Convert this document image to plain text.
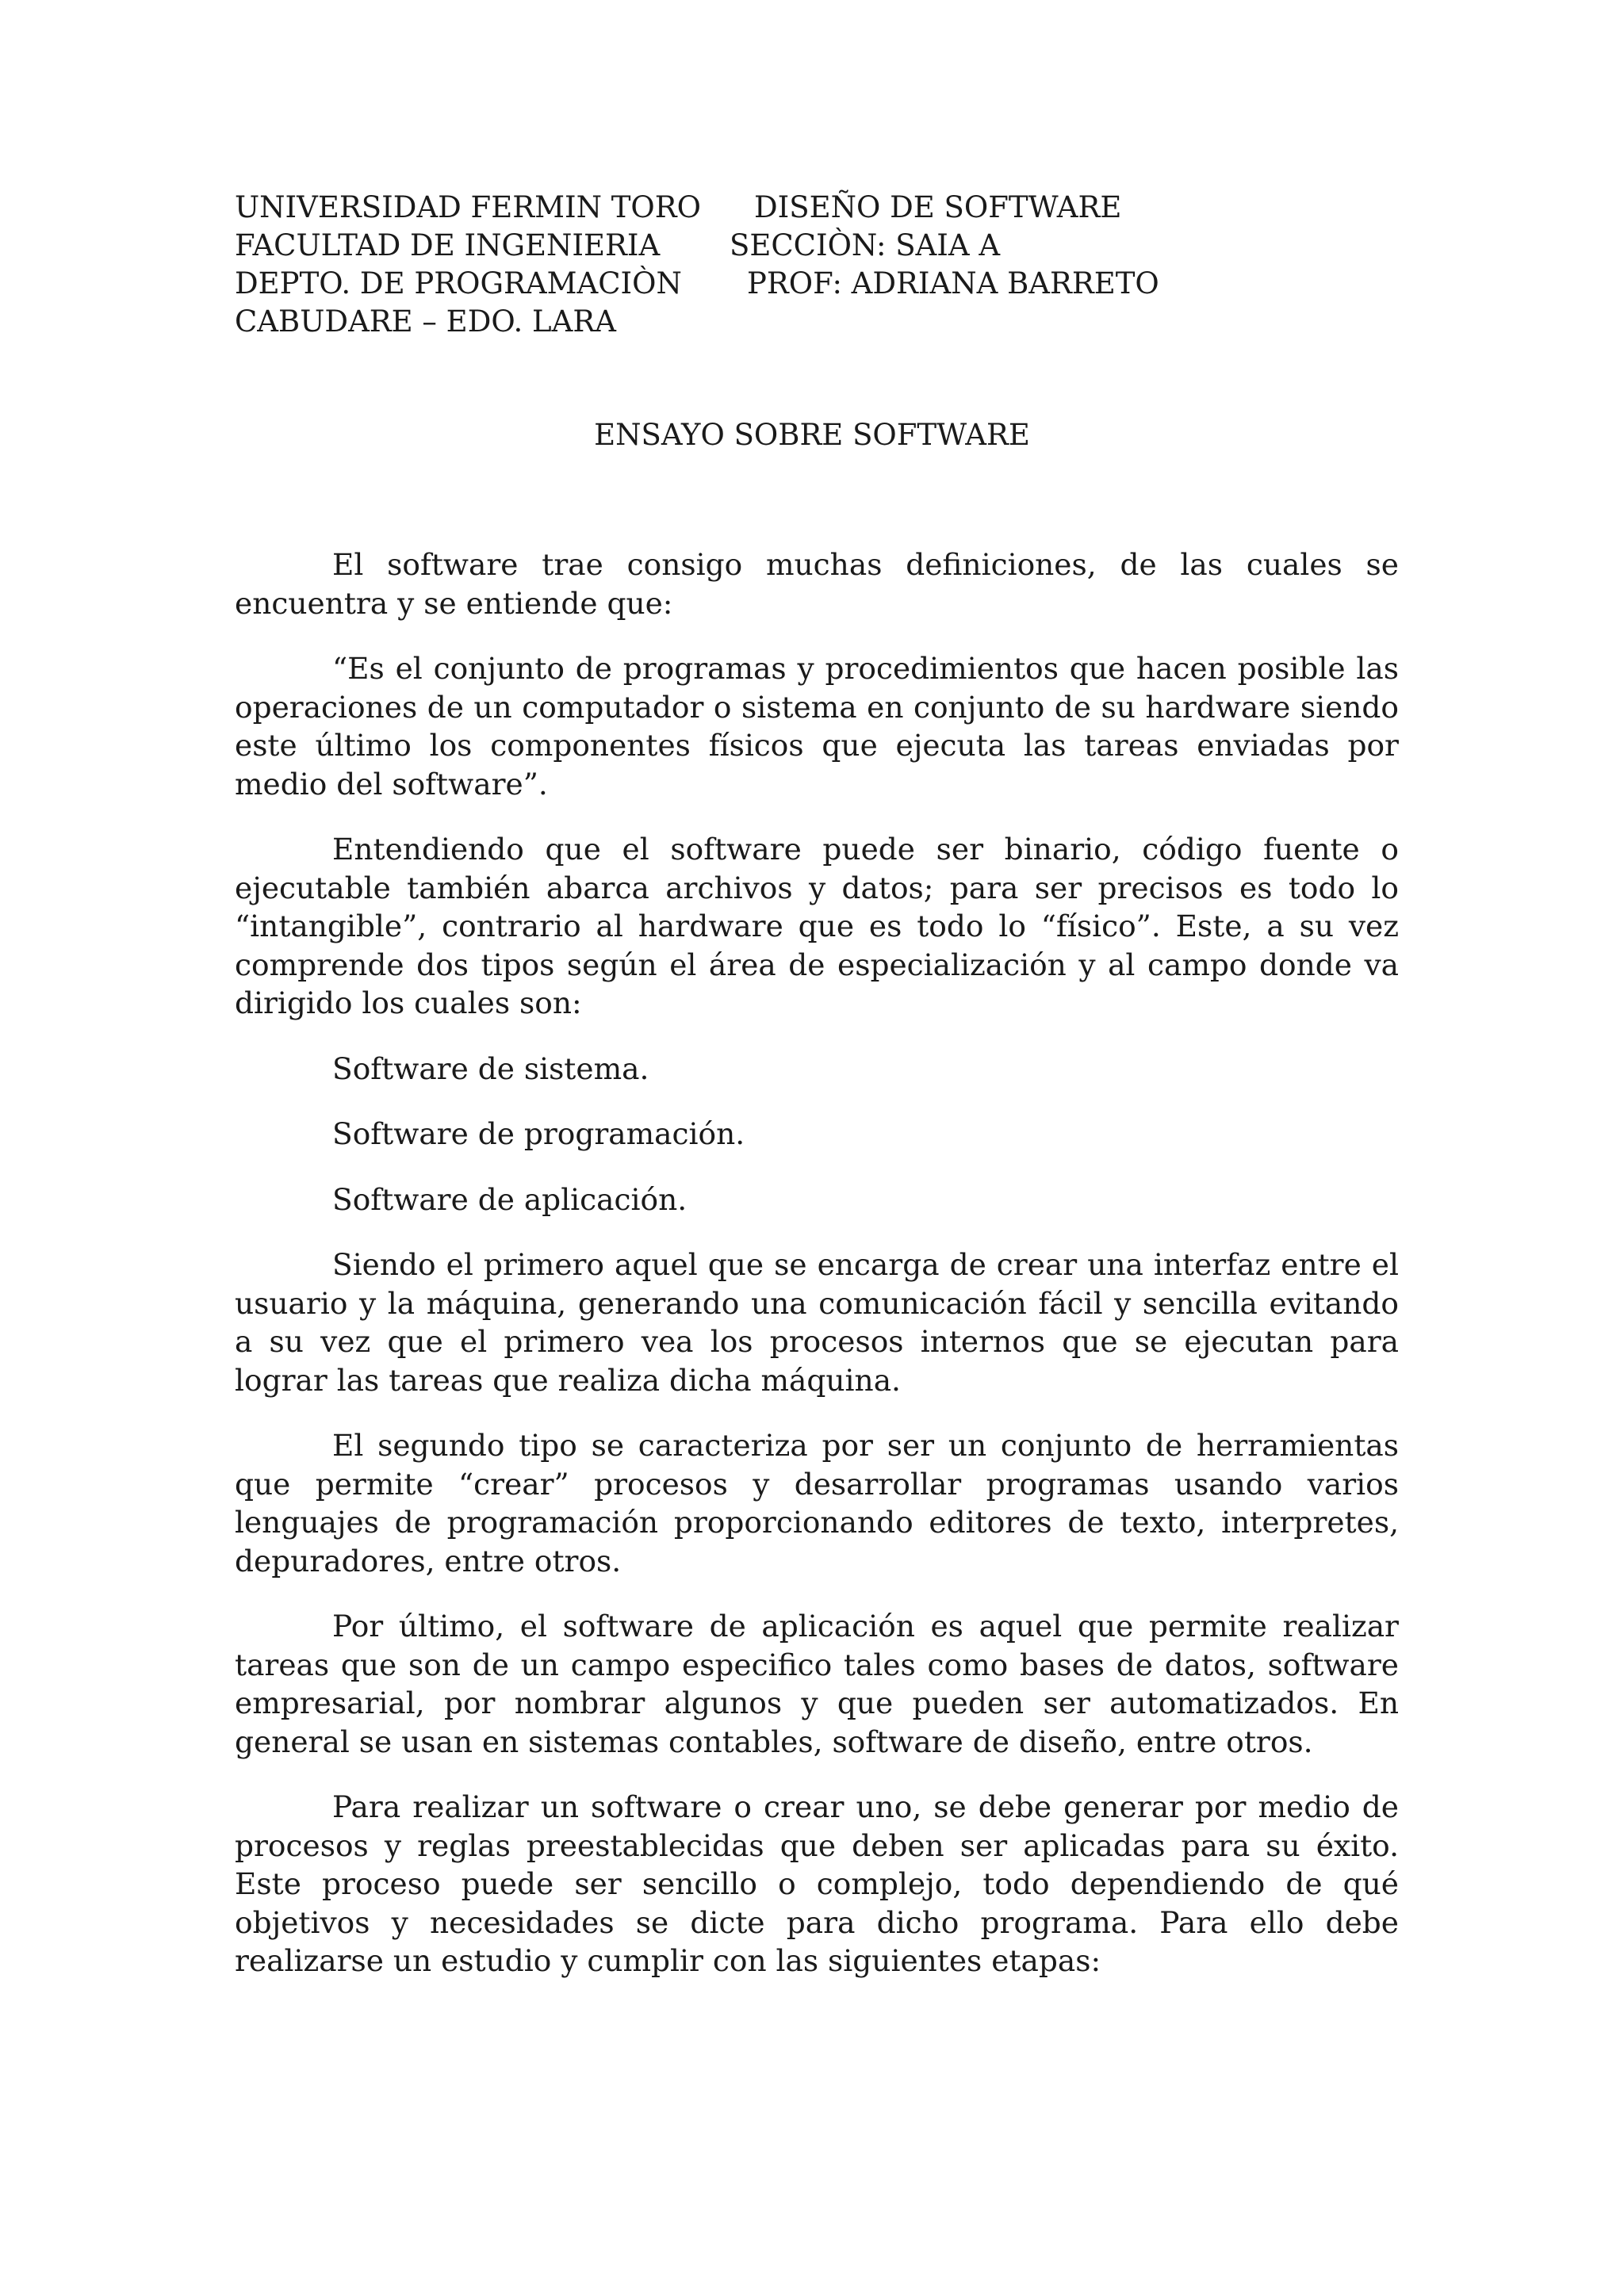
UNIVERSIDAD FERMIN TORO DISEÑO DE SOFTWARE
FACULTAD DE INGENIERIA SECCIÒN: SAIA A
DEPTO. DE PROGRAMACIÒN PROF: ADRIANA BARRETO
CABUDARE – EDO. LARA
ENSAYO SOBRE SOFTWARE

El software trae consigo muchas definiciones, de las cuales se encuentra y se entiende que:

“Es el conjunto de programas y procedimientos que hacen posible las operaciones de un computador o sistema en conjunto de su hardware siendo este último los componentes físicos que ejecuta las tareas enviadas por medio del software”.

Entendiendo que el software puede ser binario, código fuente o ejecutable también abarca archivos y datos; para ser precisos es todo lo “intangible”, contrario al hardware que es todo lo “físico”. Este, a su vez comprende dos tipos según el área de especialización y al campo donde va dirigido los cuales son:

Software de sistema.

Software de programación.

Software de aplicación.

Siendo el primero aquel que se encarga de crear una interfaz entre el usuario y la máquina, generando una comunicación fácil y sencilla evitando a su vez que el primero vea los procesos internos que se ejecutan para lograr las tareas que realiza dicha máquina.

El segundo tipo se caracteriza por ser un conjunto de herramientas que permite “crear” procesos y desarrollar programas usando varios lenguajes de programación proporcionando editores de texto, interpretes, depuradores, entre otros.

Por último, el software de aplicación es aquel que permite realizar tareas que son de un campo especifico tales como bases de datos, software empresarial, por nombrar algunos y que pueden ser automatizados. En general se usan en sistemas contables, software de diseño, entre otros.

Para realizar un software o crear uno, se debe generar por medio de procesos y reglas preestablecidas que deben ser aplicadas para su éxito. Este proceso puede ser sencillo o complejo, todo dependiendo de qué objetivos y necesidades se dicte para dicho programa. Para ello debe realizarse un estudio y cumplir con las siguientes etapas:
